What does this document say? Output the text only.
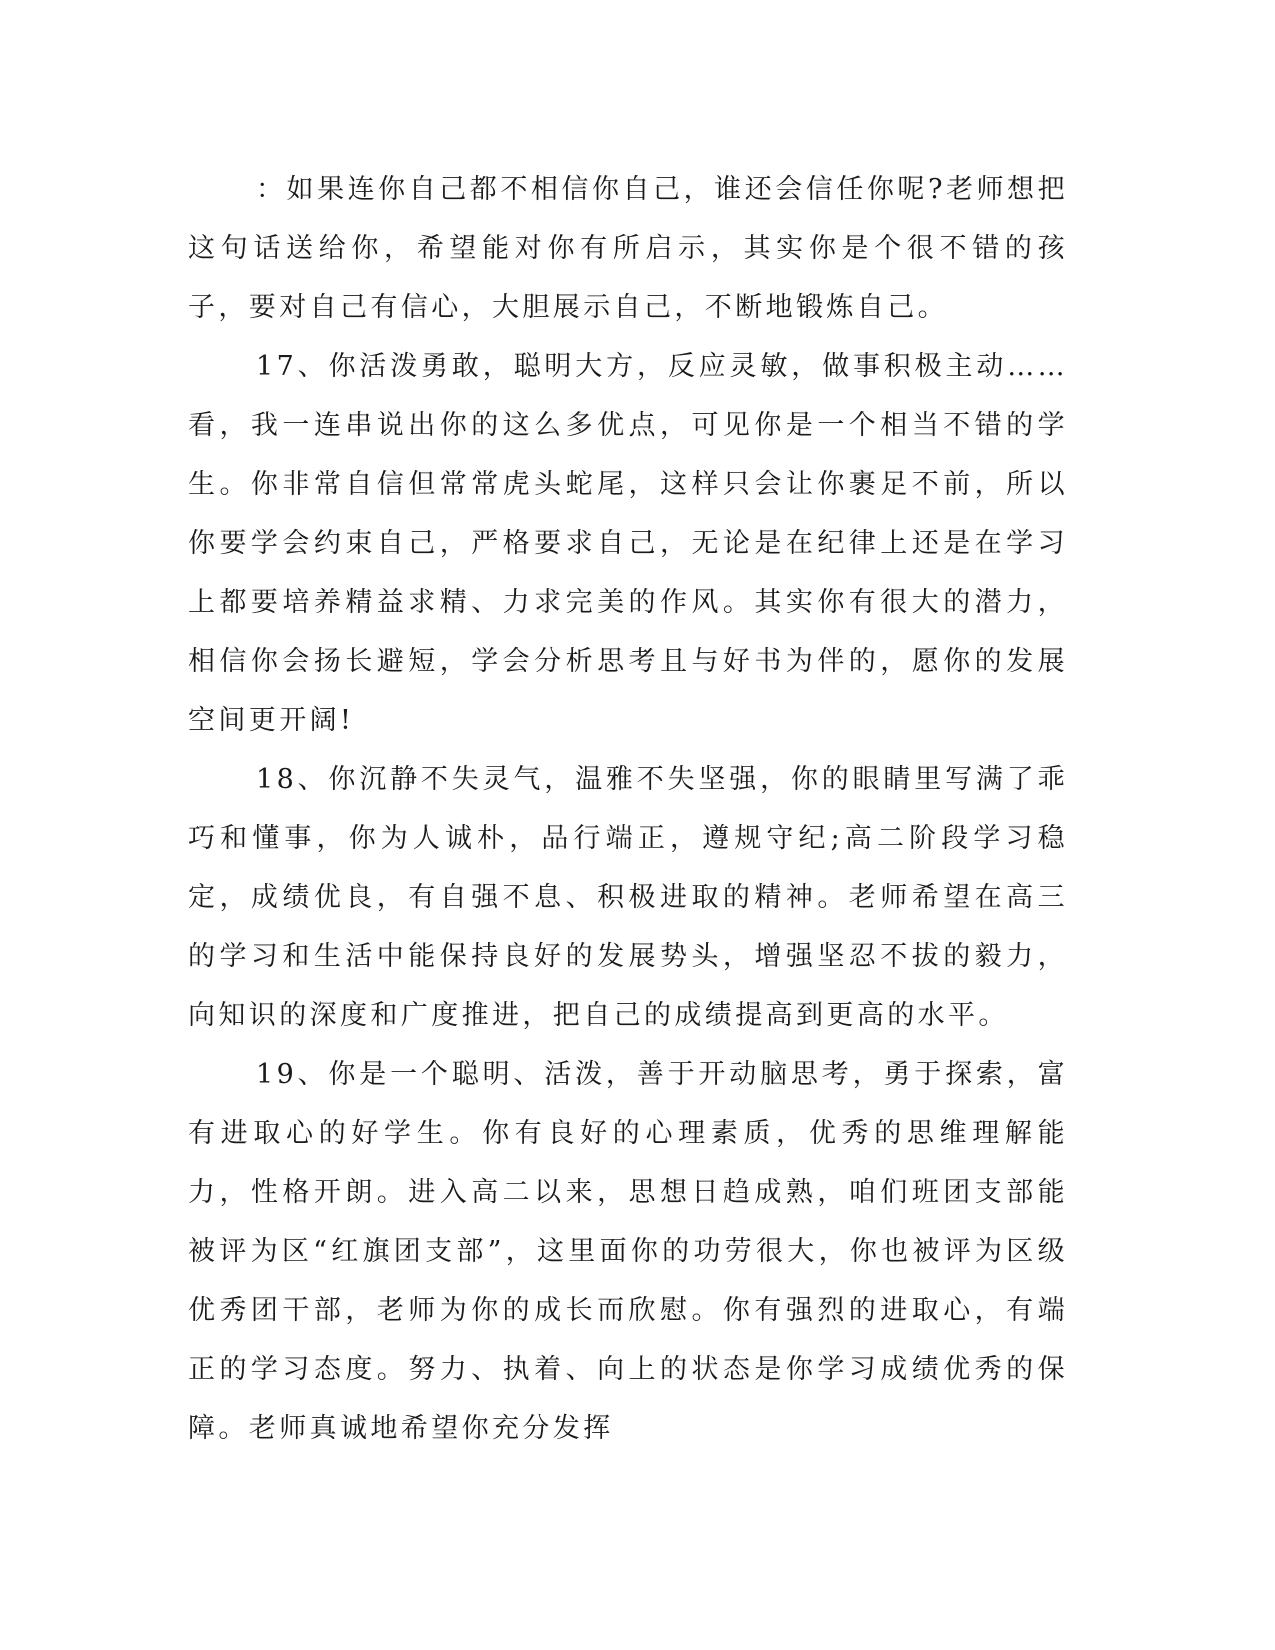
：如果连你自己都不相信你自己，谁还会信任你呢?老师想把这句话送给你，希望能对你有所启示，其实你是个很不错的孩子，要对自己有信心，大胆展示自己，不断地锻炼自己。

17、你活泼勇敢，聪明大方，反应灵敏，做事积极主动……看，我一连串说出你的这么多优点，可见你是一个相当不错的学生。你非常自信但常常虎头蛇尾，这样只会让你裹足不前，所以你要学会约束自己，严格要求自己，无论是在纪律上还是在学习上都要培养精益求精、力求完美的作风。其实你有很大的潜力，相信你会扬长避短，学会分析思考且与好书为伴的，愿你的发展空间更开阔!

18、你沉静不失灵气，温雅不失坚强，你的眼睛里写满了乖巧和懂事，你为人诚朴，品行端正，遵规守纪;高二阶段学习稳定，成绩优良，有自强不息、积极进取的精神。老师希望在高三的学习和生活中能保持良好的发展势头，增强坚忍不拔的毅力，向知识的深度和广度推进，把自己的成绩提高到更高的水平。

19、你是一个聪明、活泼，善于开动脑思考，勇于探索，富有进取心的好学生。你有良好的心理素质，优秀的思维理解能力，性格开朗。进入高二以来，思想日趋成熟，咱们班团支部能被评为区“红旗团支部”，这里面你的功劳很大，你也被评为区级优秀团干部，老师为你的成长而欣慰。你有强烈的进取心，有端正的学习态度。努力、执着、向上的状态是你学习成绩优秀的保障。老师真诚地希望你充分发挥
